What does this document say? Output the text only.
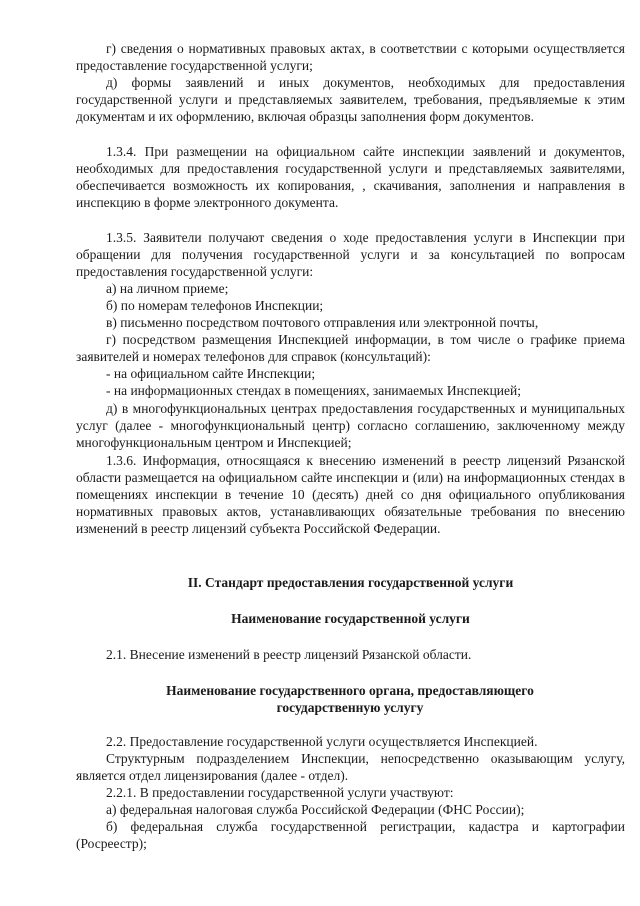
г) сведения о нормативных правовых актах, в соответствии с которыми осуществляется предоставление государственной услуги;

д) формы заявлений и иных документов, необходимых для предоставления государственной услуги и представляемых заявителем, требования, предъявляемые к этим документам и их оформлению, включая образцы заполнения форм документов.

1.3.4. При размещении на официальном сайте инспекции заявлений и документов, необходимых для предоставления государственной услуги и представляемых заявителями, обеспечивается возможность их копирования, , скачивания, заполнения и направления в инспекцию в форме электронного документа.

1.3.5. Заявители получают сведения о ходе предоставления услуги в Инспекции при обращении для получения государственной услуги и за консультацией по вопросам предоставления государственной услуги:

а) на личном приеме;

б) по номерам телефонов Инспекции;

в) письменно посредством почтового отправления или электронной почты,

г) посредством размещения Инспекцией информации, в том числе о графике приема заявителей и номерах телефонов для справок (консультаций):

- на официальном сайте Инспекции;

- на информационных стендах в помещениях, занимаемых Инспекцией;

д) в многофункциональных центрах предоставления государственных и муниципальных услуг (далее - многофункциональный центр) согласно соглашению, заключенному между многофункциональным центром и Инспекцией;

1.3.6. Информация, относящаяся к внесению изменений в реестр лицензий Рязанской области размещается на официальном сайте инспекции и (или) на информационных стендах в помещениях инспекции в течение 10 (десять) дней со дня официального опубликования нормативных правовых актов, устанавливающих обязательные требования по внесению изменений в реестр лицензий субъекта Российской Федерации.

II. Стандарт предоставления государственной услуги

Наименование государственной услуги

2.1. Внесение изменений в реестр лицензий Рязанской области.

Наименование государственного органа, предоставляющего государственную услугу

2.2. Предоставление государственной услуги осуществляется Инспекцией.

Структурным подразделением Инспекции, непосредственно оказывающим услугу, является отдел лицензирования (далее - отдел).

2.2.1. В предоставлении государственной услуги участвуют:

а) федеральная налоговая служба Российской Федерации (ФНС России);

б) федеральная служба государственной регистрации, кадастра и картографии (Росреестр);
